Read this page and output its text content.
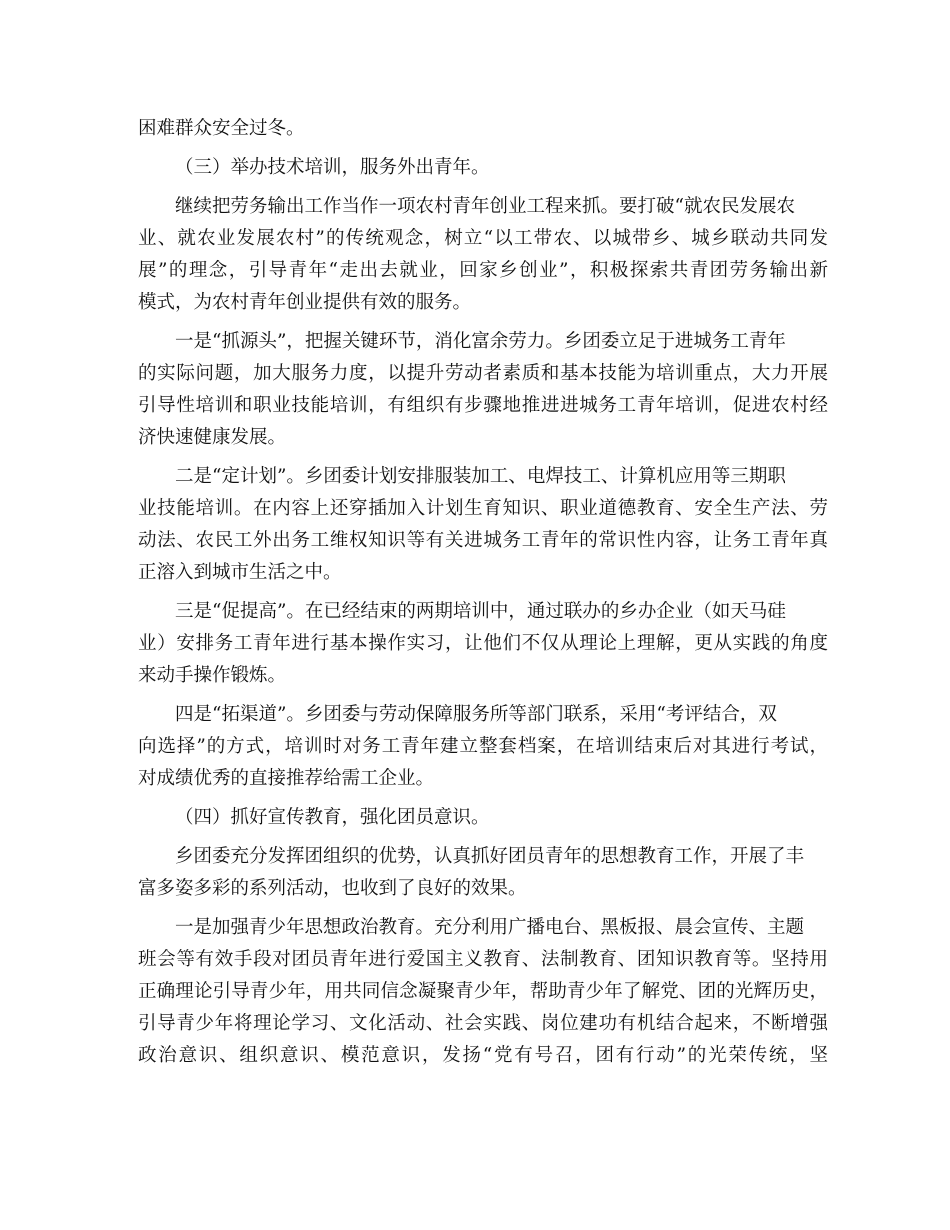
困难群众安全过冬。
（三）举办技术培训，服务外出青年。
继续把劳务输出工作当作一项农村青年创业工程来抓。要打破“就农民发展农
业、就农业发展农村”的传统观念，树立“以工带农、以城带乡、城乡联动共同发
展”的理念，引导青年“走出去就业，回家乡创业”，积极探索共青团劳务输出新
模式，为农村青年创业提供有效的服务。
一是“抓源头”，把握关键环节，消化富余劳力。乡团委立足于进城务工青年
的实际问题，加大服务力度，以提升劳动者素质和基本技能为培训重点，大力开展
引导性培训和职业技能培训，有组织有步骤地推进进城务工青年培训，促进农村经
济快速健康发展。
二是“定计划”。乡团委计划安排服装加工、电焊技工、计算机应用等三期职
业技能培训。在内容上还穿插加入计划生育知识、职业道德教育、安全生产法、劳
动法、农民工外出务工维权知识等有关进城务工青年的常识性内容，让务工青年真
正溶入到城市生活之中。
三是“促提高”。在已经结束的两期培训中，通过联办的乡办企业（如天马硅
业）安排务工青年进行基本操作实习，让他们不仅从理论上理解，更从实践的角度
来动手操作锻炼。
四是“拓渠道”。乡团委与劳动保障服务所等部门联系，采用“考评结合，双
向选择”的方式，培训时对务工青年建立整套档案，在培训结束后对其进行考试，
对成绩优秀的直接推荐给需工企业。
（四）抓好宣传教育，强化团员意识。
乡团委充分发挥团组织的优势，认真抓好团员青年的思想教育工作，开展了丰
富多姿多彩的系列活动，也收到了良好的效果。
一是加强青少年思想政治教育。充分利用广播电台、黑板报、晨会宣传、主题
班会等有效手段对团员青年进行爱国主义教育、法制教育、团知识教育等。坚持用
正确理论引导青少年，用共同信念凝聚青少年，帮助青少年了解党、团的光辉历史，
引导青少年将理论学习、文化活动、社会实践、岗位建功有机结合起来，不断增强
政治意识、组织意识、模范意识，发扬“党有号召，团有行动”的光荣传统，坚
